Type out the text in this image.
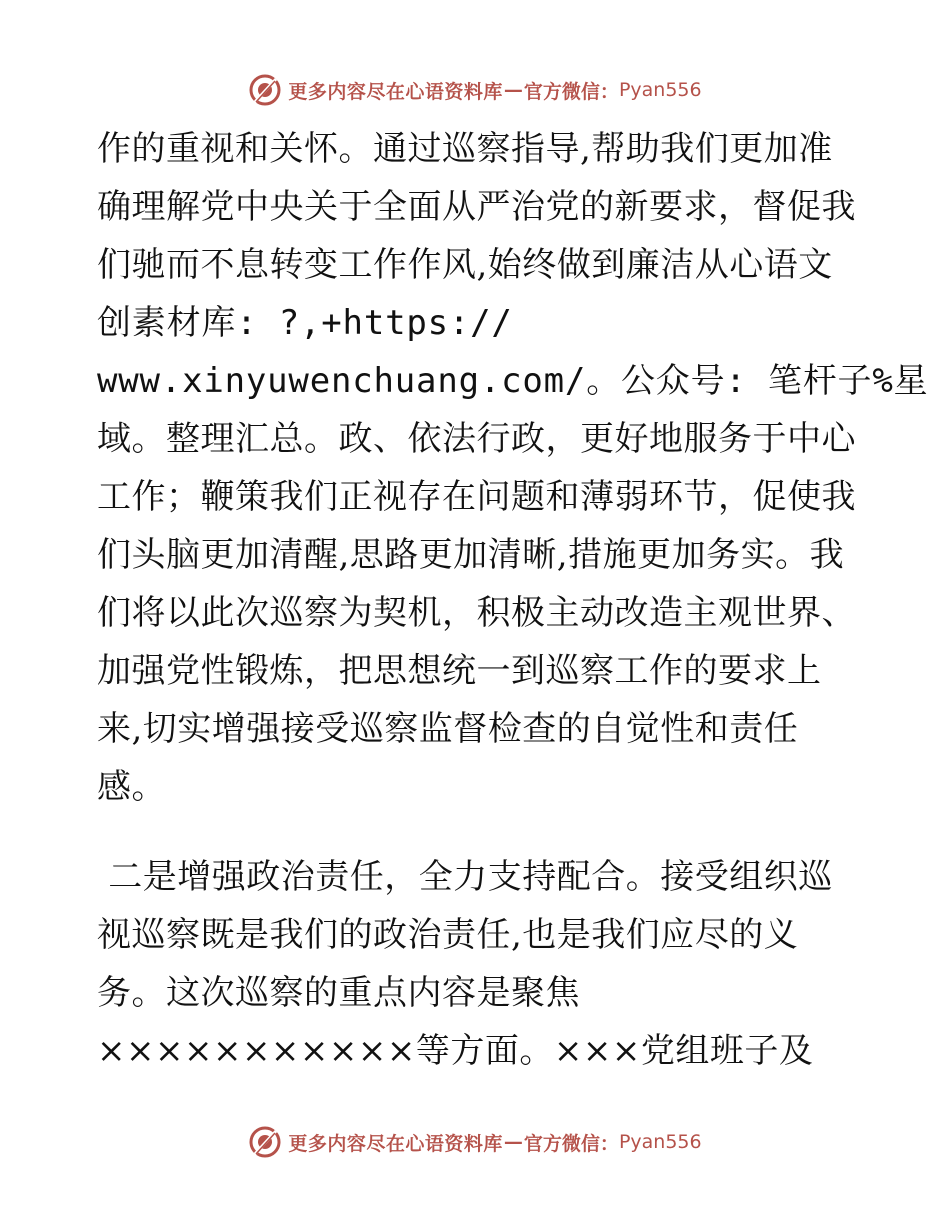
更多内容尽在心语资料库 — 官方微信： Pyan556
作的重视和关怀。通过巡察指导,帮助我们更加准
确理解党中央关于全面从严治党的新要求，督促我
们驰而不息转变工作作风,始终做到廉洁从心语文
创素材库: ?,+https://
www.xinyuwenchuang.com/。公众号: 笔杆子%星
域。整理汇总。政、依法行政，更好地服务于中心
工作；鞭策我们正视存在问题和薄弱环节，促使我
们头脑更加清醒,思路更加清晰,措施更加务实。我
们将以此次巡察为契机，积极主动改造主观世界、
加强党性锻炼，把思想统一到巡察工作的要求上
来,切实增强接受巡察监督检查的自觉性和责任
感。
二是增强政治责任，全力支持配合。接受组织巡
视巡察既是我们的政治责任,也是我们应尽的义
务。这次巡察的重点内容是聚焦
×××××××××××等方面。×××党组班子及
更多内容尽在心语资料库 — 官方微信： Pyan556
